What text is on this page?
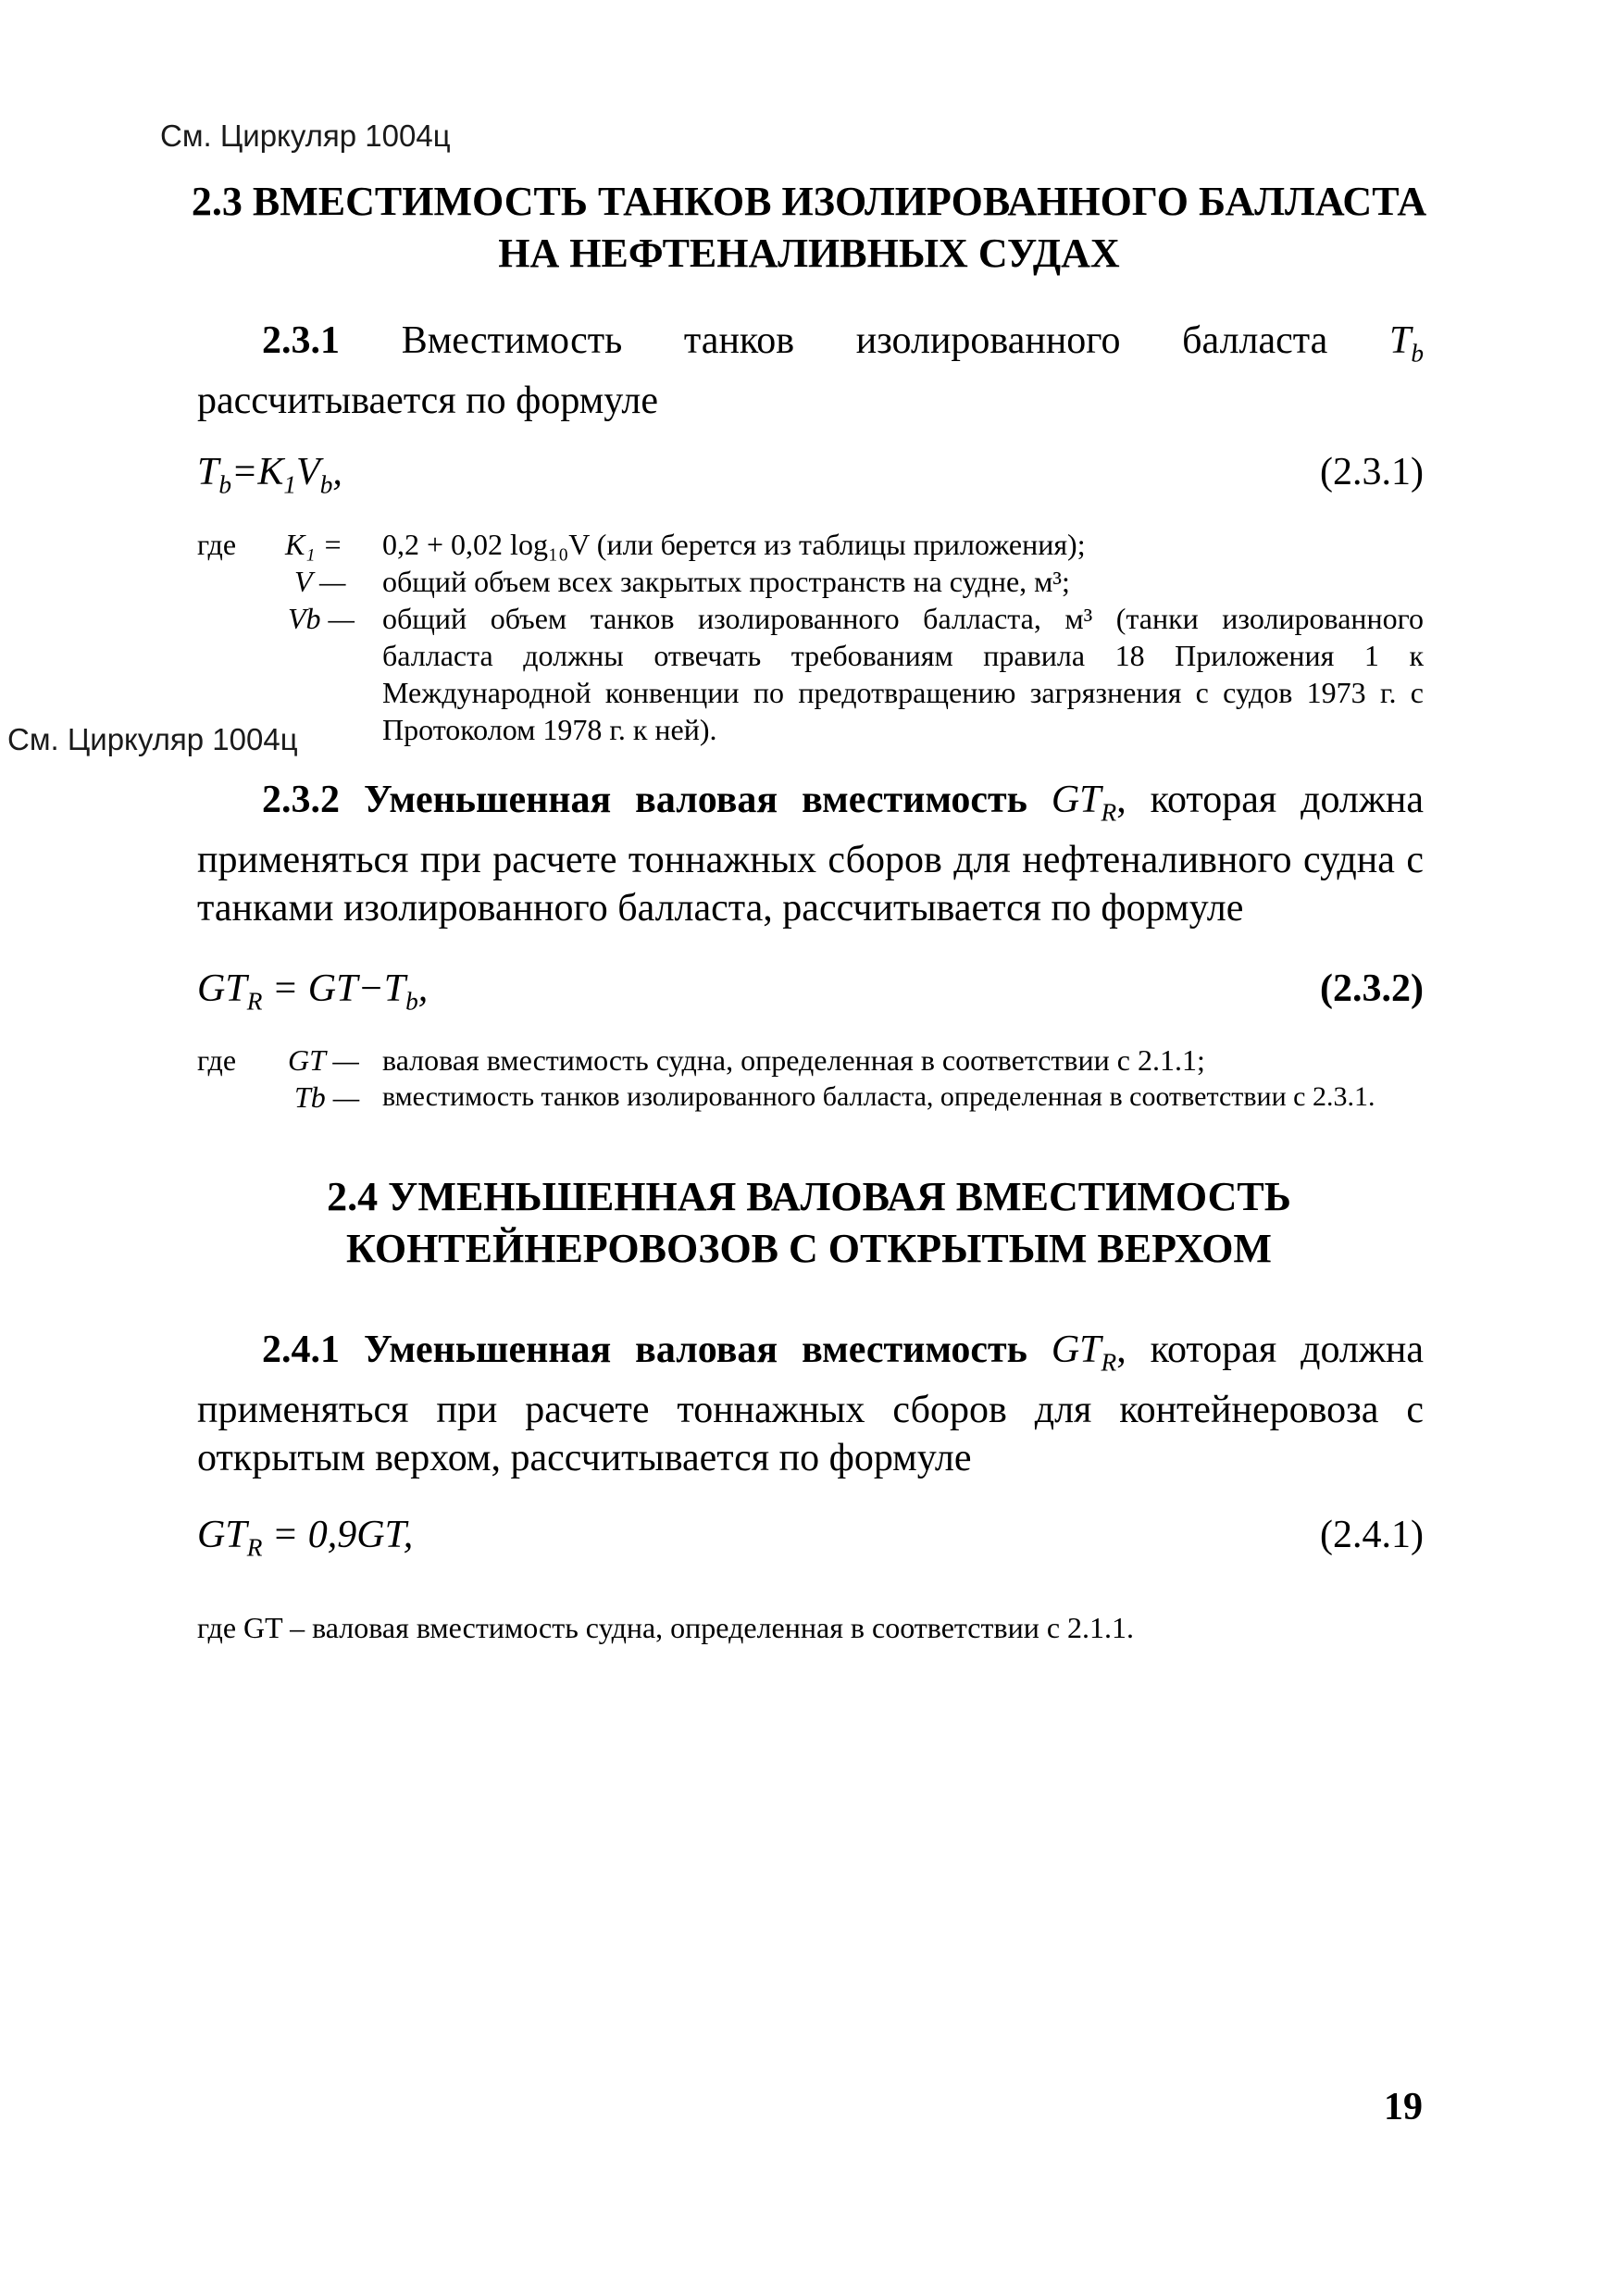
См. Циркуляр 1004ц
2.3 ВМЕСТИМОСТЬ ТАНКОВ ИЗОЛИРОВАННОГО БАЛЛАСТА
НА НЕФТЕНАЛИВНЫХ СУДАХ
2.3.1 Вместимость танков изолированного балласта $T_b$ рассчитывается по формуле
$T_b=K_1V_b$,	(2.3.1)
где K₁ = 0,2 + 0,02 log₁₀V (или берется из таблицы приложения);
V — общий объем всех закрытых пространств на судне, м³;
Vb — общий объем танков изолированного балласта, м³ (танки изолированного балласта должны отвечать требованиям правила 18 Приложения 1 к Международной конвенции по предотвращению загрязнения с судов 1973 г. с Протоколом 1978 г. к ней).
См. Циркуляр 1004ц
2.3.2 Уменьшенная валовая вместимость $GT_R$, которая должна применяться при расчете тоннажных сборов для нефтеналивного судна с танками изолированного балласта, рассчитывается по формуле
$GT_R = GT-T_b$,	(2.3.2)
где GT — валовая вместимость судна, определенная в соответствии с 2.1.1;
Tb — вместимость танков изолированного балласта, определенная в соответствии с 2.3.1.
2.4 УМЕНЬШЕННАЯ ВАЛОВАЯ ВМЕСТИМОСТЬ
КОНТЕЙНЕРОВОЗОВ С ОТКРЫТЫМ ВЕРХОМ
2.4.1 Уменьшенная валовая вместимость $GT_R$, которая должна применяться при расчете тоннажных сборов для контейнеровоза с открытым верхом, рассчитывается по формуле
$GT_R = 0,9GT$,	(2.4.1)
где GT – валовая вместимость судна, определенная в соответствии с 2.1.1.
19
